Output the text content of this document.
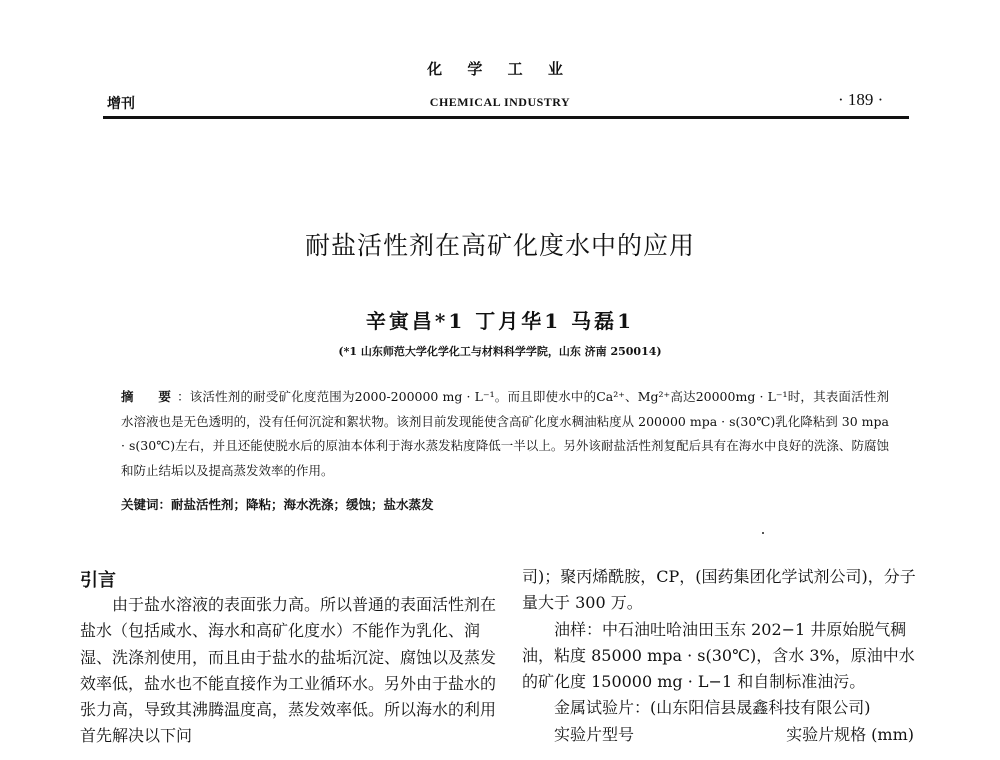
化 学 工 业
增刊	CHEMICAL INDUSTRY	· 189 ·
耐盐活性剂在高矿化度水中的应用
辛寅昌*1 丁月华1 马磊1
(*1 山东师范大学化学化工与材料科学学院，山东 济南 250014)
摘　要：该活性剂的耐受矿化度范围为2000-200000 mg · L⁻¹。而且即使水中的Ca²⁺、Mg²⁺高达20000mg · L⁻¹时，其表面活性剂水溶液也是无色透明的，没有任何沉淀和絮状物。该剂目前发现能使含高矿化度水稠油粘度从 200000 mpa · s(30℃)乳化降粘到 30 mpa · s(30℃)左右，并且还能使脱水后的原油本体利于海水蒸发粘度降低一半以上。另外该耐盐活性剂复配后具有在海水中良好的洗涤、防腐蚀和防止结垢以及提高蒸发效率的作用。
关键词：耐盐活性剂；降粘；海水洗涤；缓蚀；盐水蒸发
引言

由于盐水溶液的表面张力高。所以普通的表面活性剂在盐水（包括咸水、海水和高矿化度水）不能作为乳化、润湿、洗涤剂使用，而且由于盐水的盐垢沉淀、腐蚀以及蒸发效率低，盐水也不能直接作为工业循环水。另外由于盐水的张力高，导致其沸腾温度高，蒸发效率低。所以海水的利用首先解决以下问

司)；聚丙烯酰胺，CP，(国药集团化学试剂公司)，分子量大于 300 万。

油样：中石油吐哈油田玉东 202−1 井原始脱气稠油，粘度 85000 mpa · s(30℃)，含水 3%，原油中水的矿化度 150000 mg · L−1 和自制标准油污。

金属试验片：(山东阳信县晟鑫科技有限公司)

实验片型号	实验片规格 (mm)
